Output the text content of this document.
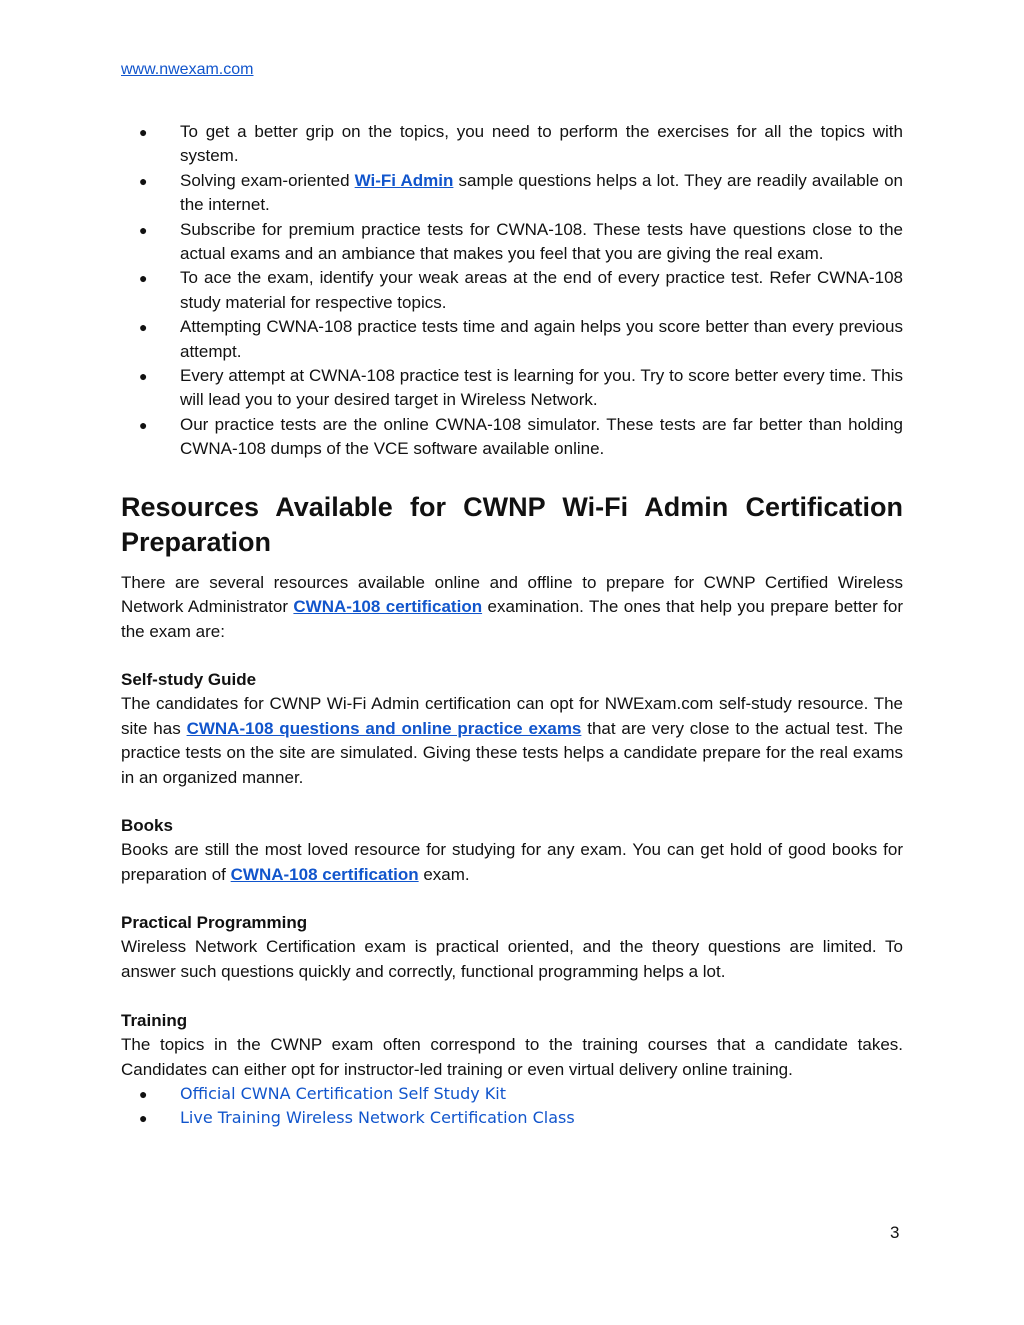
www.nwexam.com
● To get a better grip on the topics, you need to perform the exercises for all the topics with system.
● Solving exam-oriented Wi-Fi Admin sample questions helps a lot. They are readily available on the internet.
● Subscribe for premium practice tests for CWNA-108. These tests have questions close to the actual exams and an ambiance that makes you feel that you are giving the real exam.
● To ace the exam, identify your weak areas at the end of every practice test. Refer CWNA-108 study material for respective topics.
● Attempting CWNA-108 practice tests time and again helps you score better than every previous attempt.
● Every attempt at CWNA-108 practice test is learning for you. Try to score better every time. This will lead you to your desired target in Wireless Network.
● Our practice tests are the online CWNA-108 simulator. These tests are far better than holding CWNA-108 dumps of the VCE software available online.
Resources Available for CWNP Wi-Fi Admin Certification
Preparation
There are several resources available online and offline to prepare for CWNP Certified Wireless Network Administrator CWNA-108 certification examination. The ones that help you prepare better for the exam are:
Self-study Guide
The candidates for CWNP Wi-Fi Admin certification can opt for NWExam.com self-study resource. The site has CWNA-108 questions and online practice exams that are very close to the actual test. The practice tests on the site are simulated. Giving these tests helps a candidate prepare for the real exams in an organized manner.
Books
Books are still the most loved resource for studying for any exam. You can get hold of good books for preparation of CWNA-108 certification exam.
Practical Programming
Wireless Network Certification exam is practical oriented, and the theory questions are limited. To answer such questions quickly and correctly, functional programming helps a lot.
Training
The topics in the CWNP exam often correspond to the training courses that a candidate takes. Candidates can either opt for instructor-led training or even virtual delivery online training.
● Official CWNA Certification Self Study Kit
● Live Training Wireless Network Certification Class
3
